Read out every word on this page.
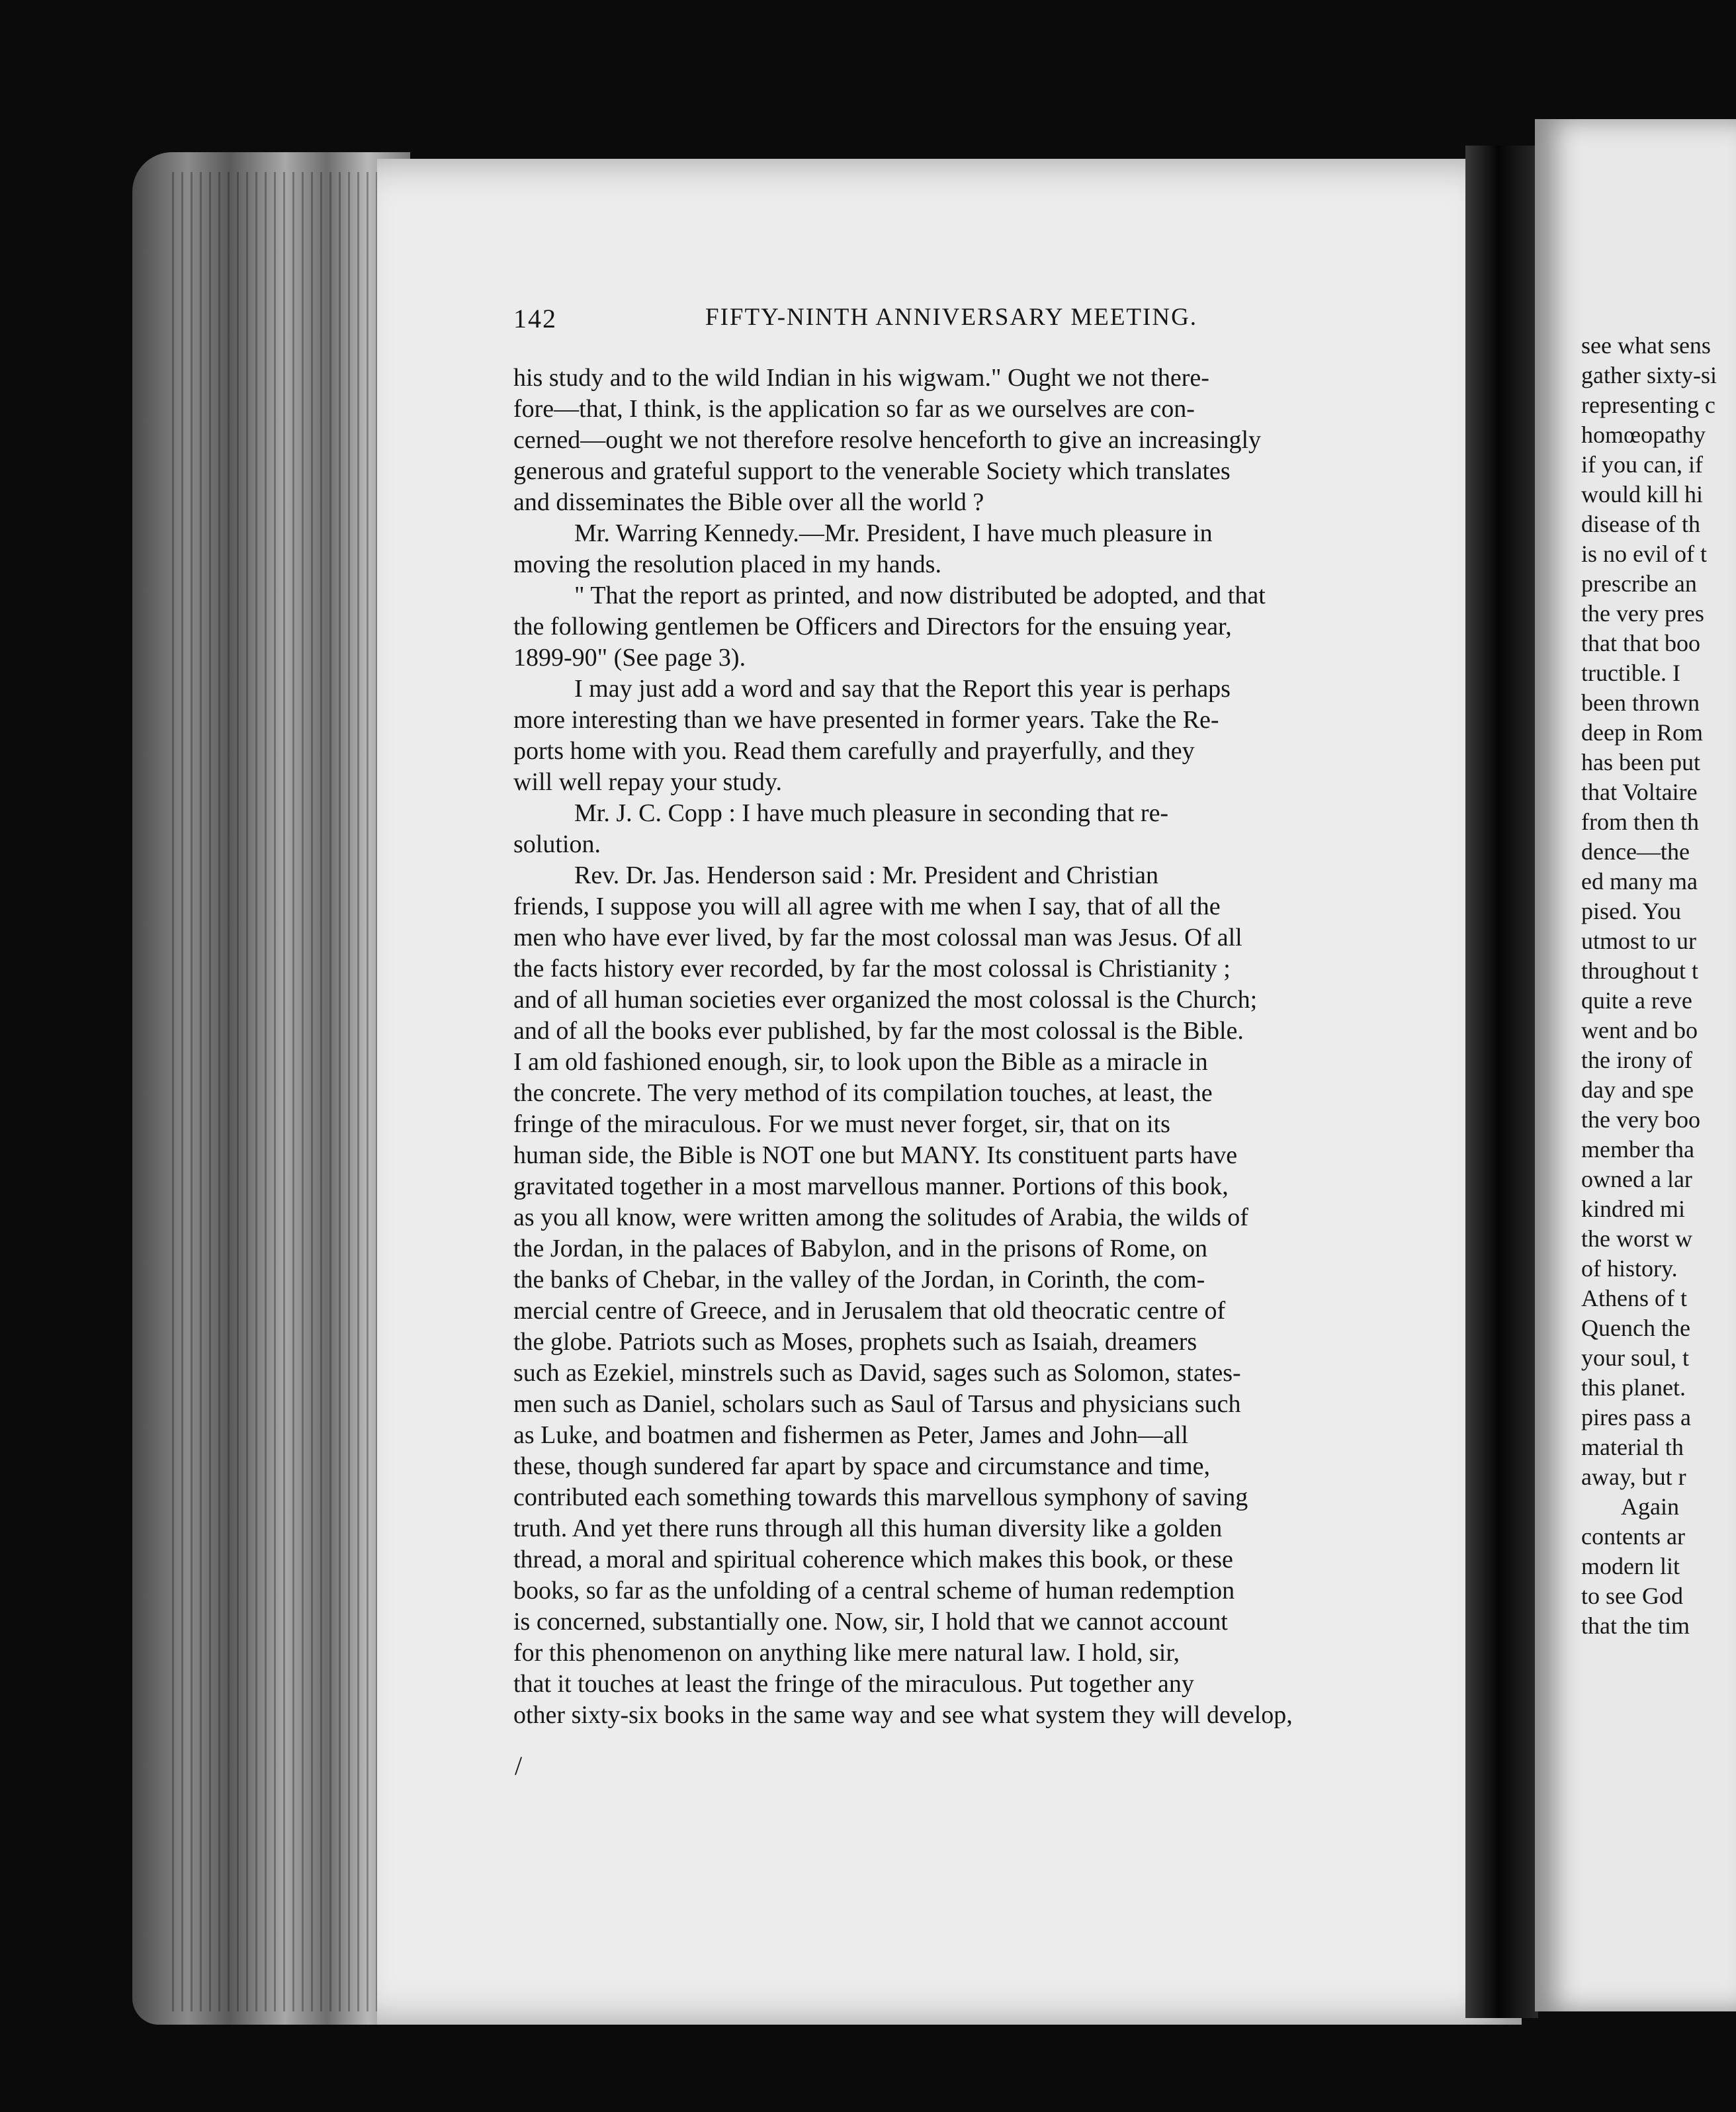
142	FIFTY-NINTH ANNIVERSARY MEETING.
his study and to the wild Indian in his wigwam." Ought we not there-
fore—that, I think, is the application so far as we ourselves are con-
cerned—ought we not therefore resolve henceforth to give an increasingly
generous and grateful support to the venerable Society which translates
and disseminates the Bible over all the world ?
Mr. Warring Kennedy.—Mr. President, I have much pleasure in
moving the resolution placed in my hands.
" That the report as printed, and now distributed be adopted, and that
the following gentlemen be Officers and Directors for the ensuing year,
1899-90" (See page 3).
I may just add a word and say that the Report this year is perhaps
more interesting than we have presented in former years. Take the Re-
ports home with you. Read them carefully and prayerfully, and they
will well repay your study.
Mr. J. C. Copp : I have much pleasure in seconding that re-
solution.
Rev. Dr. Jas. Henderson said : Mr. President and Christian
friends, I suppose you will all agree with me when I say, that of all the
men who have ever lived, by far the most colossal man was Jesus. Of all
the facts history ever recorded, by far the most colossal is Christianity ;
and of all human societies ever organized the most colossal is the Church;
and of all the books ever published, by far the most colossal is the Bible.
I am old fashioned enough, sir, to look upon the Bible as a miracle in
the concrete. The very method of its compilation touches, at least, the
fringe of the miraculous. For we must never forget, sir, that on its
human side, the Bible is NOT one but MANY. Its constituent parts have
gravitated together in a most marvellous manner. Portions of this book,
as you all know, were written among the solitudes of Arabia, the wilds of
the Jordan, in the palaces of Babylon, and in the prisons of Rome, on
the banks of Chebar, in the valley of the Jordan, in Corinth, the com-
mercial centre of Greece, and in Jerusalem that old theocratic centre of
the globe. Patriots such as Moses, prophets such as Isaiah, dreamers
such as Ezekiel, minstrels such as David, sages such as Solomon, states-
men such as Daniel, scholars such as Saul of Tarsus and physicians such
as Luke, and boatmen and fishermen as Peter, James and John—all
these, though sundered far apart by space and circumstance and time,
contributed each something towards this marvellous symphony of saving
truth. And yet there runs through all this human diversity like a golden
thread, a moral and spiritual coherence which makes this book, or these
books, so far as the unfolding of a central scheme of human redemption
is concerned, substantially one. Now, sir, I hold that we cannot account
for this phenomenon on anything like mere natural law. I hold, sir,
that it touches at least the fringe of the miraculous. Put together any
other sixty-six books in the same way and see what system they will develop,
/
see what sens
gather sixty-si
representing c
homœopathy
if you can, if
would kill hi
disease of th
is no evil of t
prescribe an
the very pres
that that boo
tructible. I
been thrown
deep in Rom
has been put
that Voltaire
from then th
dence—the
ed many ma
pised. You
utmost to ur
throughout t
quite a reve
went and bo
the irony of
day and spe
the very boo
member tha
owned a lar
kindred mi
the worst w
of history.
Athens of t
Quench the
your soul, t
this planet.
pires pass a
material th
away, but r
Again
contents ar
modern lit
to see God
that the tim
